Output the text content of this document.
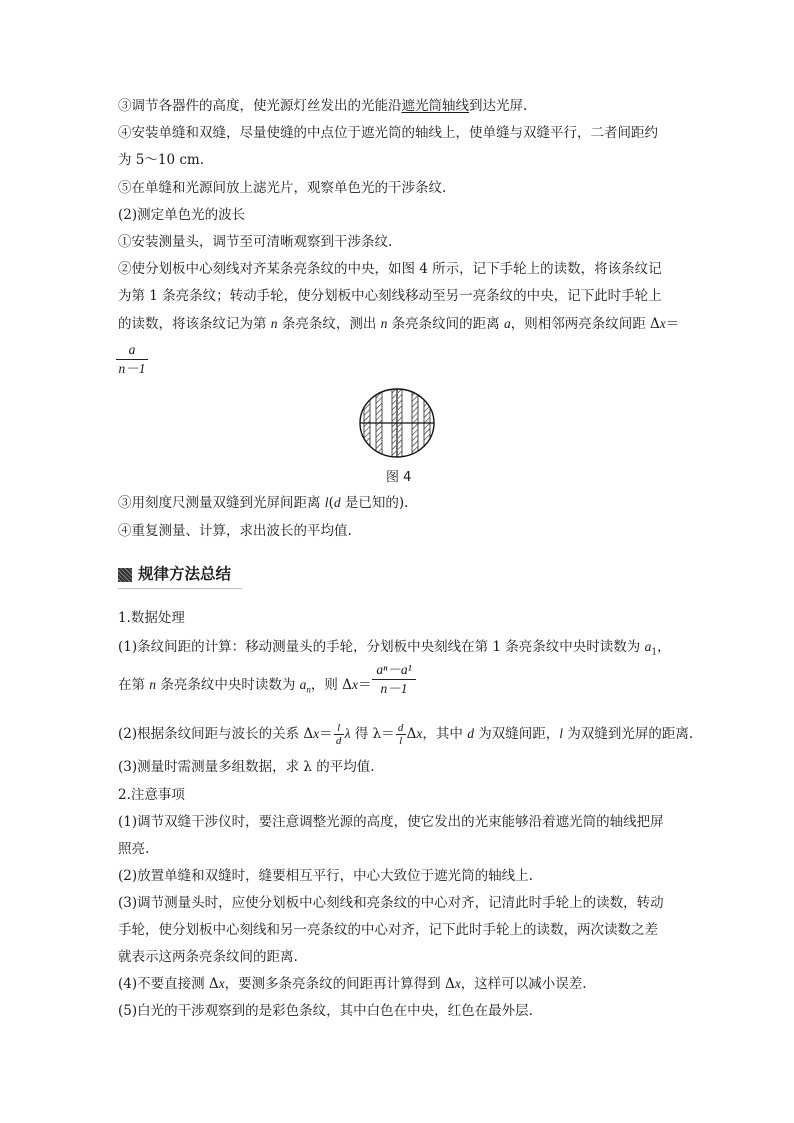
③调节各器件的高度，使光源灯丝发出的光能沿遮光筒轴线到达光屏.
④安装单缝和双缝，尽量使缝的中点位于遮光筒的轴线上，使单缝与双缝平行，二者间距约
为 5～10 cm.
⑤在单缝和光源间放上滤光片，观察单色光的干涉条纹.
(2)测定单色光的波长
①安装测量头，调节至可清晰观察到干涉条纹.
②使分划板中心刻线对齐某条亮条纹的中央，如图 4 所示，记下手轮上的读数，将该条纹记
为第 1 条亮条纹；转动手轮，使分划板中心刻线移动至另一亮条纹的中央，记下此时手轮上
的读数，将该条纹记为第 n 条亮条纹，测出 n 条亮条纹间的距离 a，则相邻两亮条纹间距 Δx＝
a
n－1
图 4
③用刻度尺测量双缝到光屏间距离 l(d 是已知的).
④重复测量、计算，求出波长的平均值.
规律方法总结
1.数据处理
(1)条纹间距的计算：移动测量头的手轮，分划板中央刻线在第 1 条亮条纹中央时读数为 $a_1$，
在第 n 条亮条纹中央时读数为 $a_n$，则 Δx＝
aⁿ－a¹
n－1
(2)根据条纹间距与波长的关系 $\Delta x= \frac{l}{d}$ λ 得 $\lambda= \frac{d}{l}$ Δx，其中 d 为双缝间距，l 为双缝到光屏的距离.
(3)测量时需测量多组数据，求 λ 的平均值.
2.注意事项
(1)调节双缝干涉仪时，要注意调整光源的高度，使它发出的光束能够沿着遮光筒的轴线把屏
照亮.
(2)放置单缝和双缝时，缝要相互平行，中心大致位于遮光筒的轴线上.
(3)调节测量头时，应使分划板中心刻线和亮条纹的中心对齐，记清此时手轮上的读数，转动
手轮，使分划板中心刻线和另一亮条纹的中心对齐，记下此时手轮上的读数，两次读数之差
就表示这两条亮条纹间的距离.
(4)不要直接测 Δx，要测多条亮条纹的间距再计算得到 Δx，这样可以减小误差.
(5)白光的干涉观察到的是彩色条纹，其中白色在中央，红色在最外层.
